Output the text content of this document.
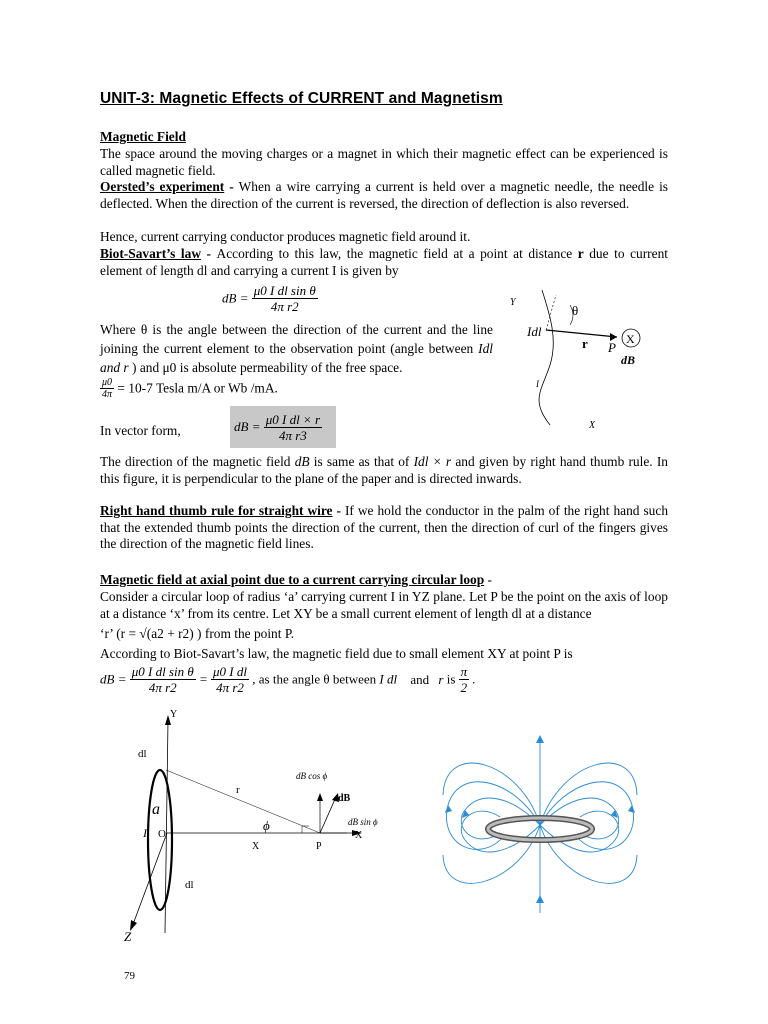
UNIT-3: Magnetic Effects of CURRENT and Magnetism
Magnetic Field
The space around the moving charges or a magnet in which their magnetic effect can be experienced is called magnetic field.
Oersted’s experiment - When a wire carrying a current is held over a magnetic needle, the needle is deflected. When the direction of the current is reversed, the direction of deflection is also reversed.
Hence, current carrying conductor produces magnetic field around it.
Biot-Savart’s law - According to this law, the magnetic field at a point at distance r due to current element of length dl and carrying a current I is given by
dB = $\frac{\text{μ0 I dl sin θ}}{\text{4π r2}}$
Where θ is the angle between the direction of the current and the line joining the current element to the observation point (angle between Idl and r ) and μ0 is absolute permeability of the free space.
$\frac{\mu 0}{4\pi} = 10-7$ Tesla m/A or Wb /mA.
In vector form,	dB = $\frac{\text{μ0 I dl × r}}{\text{4π r3}}$
The direction of the magnetic field dB is same as that of Idl × r and given by right hand thumb rule. In this figure, it is perpendicular to the plane of the paper and is directed inwards.
Y
Idl
θ
r P
X
dB
I
X
Right hand thumb rule for straight wire - If we hold the conductor in the palm of the right hand such that the extended thumb points the direction of the current, then the direction of curl of the fingers gives the direction of the magnetic field lines.
Magnetic field at axial point due to a current carrying circular loop -
Consider a circular loop of radius ‘a’ carrying current I in YZ plane. Let P be the point on the axis of loop at a distance ‘x’ from its centre. Let XY be a small current element of length dl at a distance
‘r’ (r = √(a2 + r2) ) from the point P.
According to Biot-Savart’s law, the magnetic field due to small element XY at point P is
dB = $\frac{\text{μ0 I dl sin θ}}{\text{4π r2}} = \frac{\text{μ0 I dl}}{\text{4π r2}}$ , as the angle θ between I dl and r is $\frac{\pi}{2}$ .
Y
dl
a
I O
r
ϕ
dB cos ϕ
dB
dB sin ϕ
X
X	P
dl
Z
79
